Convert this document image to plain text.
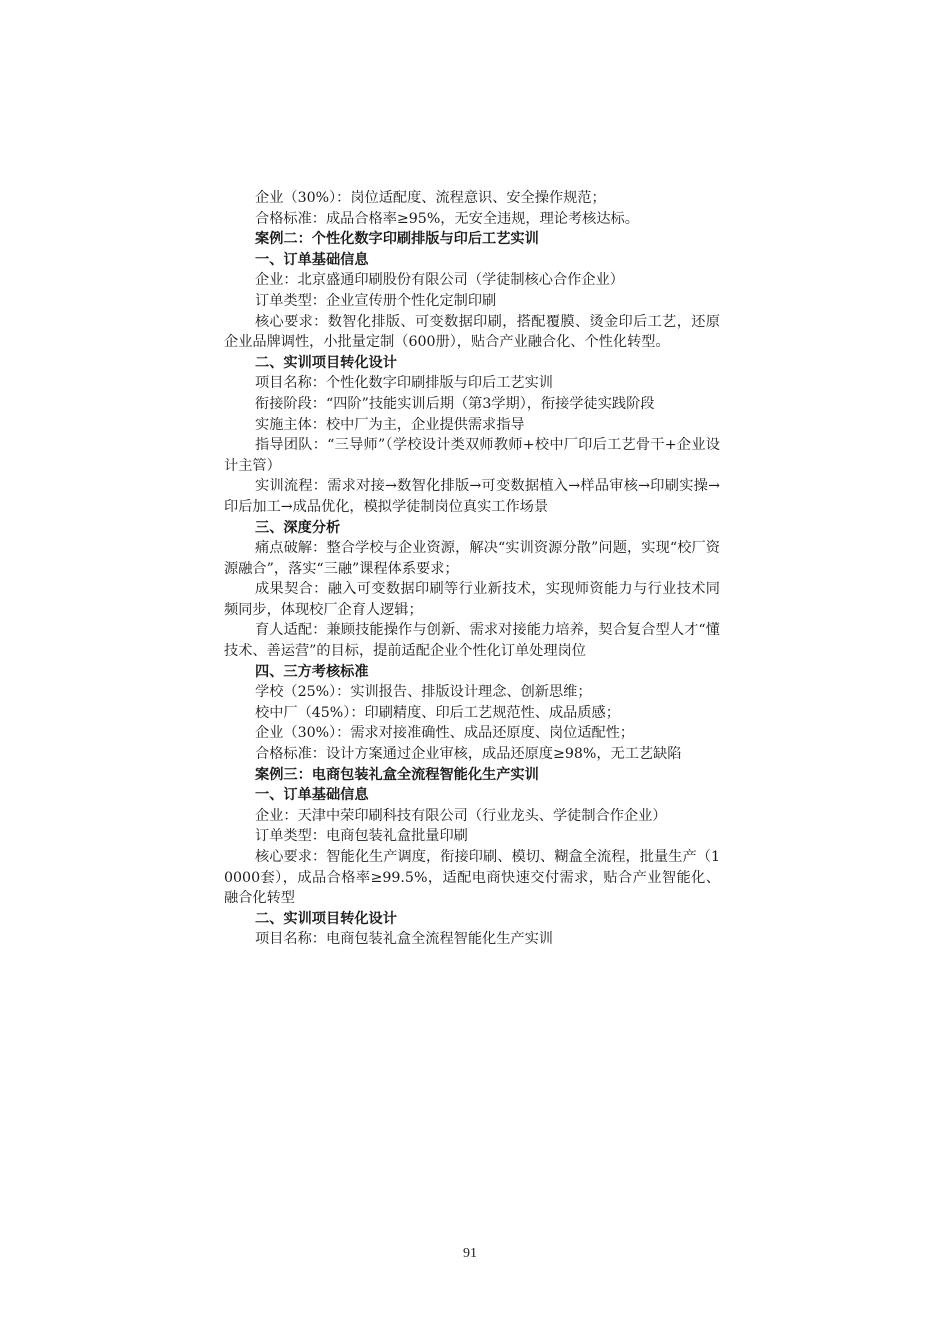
企业（30%）：岗位适配度、流程意识、安全操作规范；
合格标准：成品合格率≥95%，无安全违规，理论考核达标。
案例二：个性化数字印刷排版与印后工艺实训
一、订单基础信息
企业：北京盛通印刷股份有限公司（学徒制核心合作企业）
订单类型：企业宣传册个性化定制印刷
核心要求：数智化排版、可变数据印刷，搭配覆膜、烫金印后工艺，还原企业品牌调性，小批量定制（600册），贴合产业融合化、个性化转型。
二、实训项目转化设计
项目名称：个性化数字印刷排版与印后工艺实训
衔接阶段：“四阶”技能实训后期（第3学期），衔接学徒实践阶段
实施主体：校中厂为主，企业提供需求指导
指导团队：“三导师”（学校设计类双师教师+校中厂印后工艺骨干+企业设计主管）
实训流程：需求对接→数智化排版→可变数据植入→样品审核→印刷实操→印后加工→成品优化，模拟学徒制岗位真实工作场景
三、深度分析
痛点破解：整合学校与企业资源，解决“实训资源分散”问题，实现“校厂资源融合”，落实“三融”课程体系要求；
成果契合：融入可变数据印刷等行业新技术，实现师资能力与行业技术同频同步，体现校厂企育人逻辑；
育人适配：兼顾技能操作与创新、需求对接能力培养，契合复合型人才“懂技术、善运营”的目标，提前适配企业个性化订单处理岗位
四、三方考核标准
学校（25%）：实训报告、排版设计理念、创新思维；
校中厂（45%）：印刷精度、印后工艺规范性、成品质感；
企业（30%）：需求对接准确性、成品还原度、岗位适配性；
合格标准：设计方案通过企业审核，成品还原度≥98%，无工艺缺陷
案例三：电商包装礼盒全流程智能化生产实训
一、订单基础信息
企业：天津中荣印刷科技有限公司（行业龙头、学徒制合作企业）
订单类型：电商包装礼盒批量印刷
核心要求：智能化生产调度，衔接印刷、模切、糊盒全流程，批量生产（10000套），成品合格率≥99.5%，适配电商快速交付需求，贴合产业智能化、融合化转型
二、实训项目转化设计
项目名称：电商包装礼盒全流程智能化生产实训
91
